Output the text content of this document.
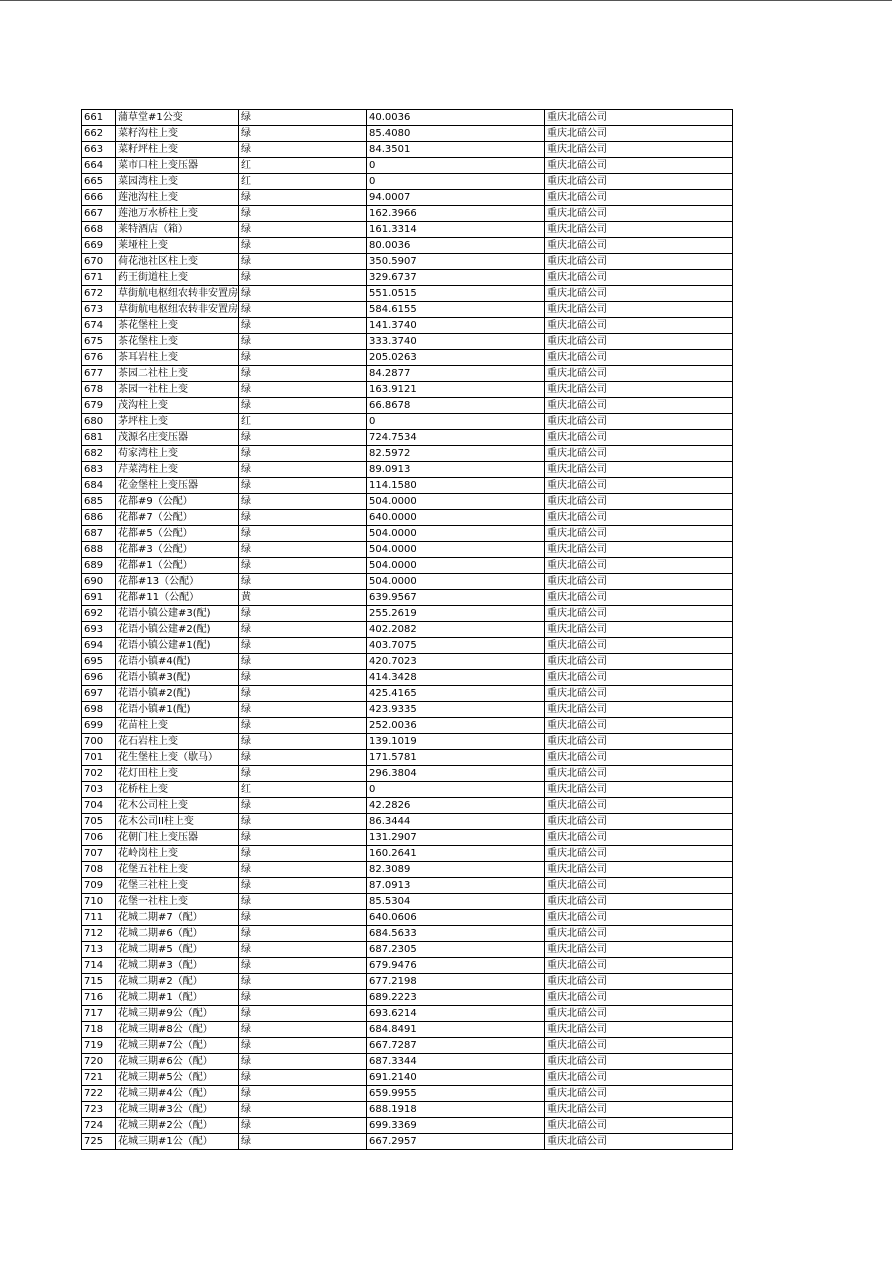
661	蒲草堂#1公变	绿	40.0036	重庆北碚公司
662	菜籽沟柱上变	绿	85.4080	重庆北碚公司
663	菜籽坪柱上变	绿	84.3501	重庆北碚公司
664	菜市口柱上变压器	红	0	重庆北碚公司
665	菜园湾柱上变	红	0	重庆北碚公司
666	莲池沟柱上变	绿	94.0007	重庆北碚公司
667	莲池万水桥柱上变	绿	162.3966	重庆北碚公司
668	莱特酒店（箱）	绿	161.3314	重庆北碚公司
669	莱垭柱上变	绿	80.0036	重庆北碚公司
670	荷花池社区柱上变	绿	350.5907	重庆北碚公司
671	药王街道柱上变	绿	329.6737	重庆北碚公司
672	草街航电枢纽农转非安置房	绿	551.0515	重庆北碚公司
673	草街航电枢纽农转非安置房	绿	584.6155	重庆北碚公司
674	茶花堡柱上变	绿	141.3740	重庆北碚公司
675	茶花堡柱上变	绿	333.3740	重庆北碚公司
676	茶耳岩柱上变	绿	205.0263	重庆北碚公司
677	茶园二社柱上变	绿	84.2877	重庆北碚公司
678	茶园一社柱上变	绿	163.9121	重庆北碚公司
679	茂沟柱上变	绿	66.8678	重庆北碚公司
680	茅坪柱上变	红	0	重庆北碚公司
681	茂源名庄变压器	绿	724.7534	重庆北碚公司
682	苟家湾柱上变	绿	82.5972	重庆北碚公司
683	芹菜湾柱上变	绿	89.0913	重庆北碚公司
684	花金堡柱上变压器	绿	114.1580	重庆北碚公司
685	花都#9（公配）	绿	504.0000	重庆北碚公司
686	花都#7（公配）	绿	640.0000	重庆北碚公司
687	花都#5（公配）	绿	504.0000	重庆北碚公司
688	花都#3（公配）	绿	504.0000	重庆北碚公司
689	花都#1（公配）	绿	504.0000	重庆北碚公司
690	花都#13（公配）	绿	504.0000	重庆北碚公司
691	花都#11（公配）	黄	639.9567	重庆北碚公司
692	花语小镇公建#3(配)	绿	255.2619	重庆北碚公司
693	花语小镇公建#2(配)	绿	402.2082	重庆北碚公司
694	花语小镇公建#1(配)	绿	403.7075	重庆北碚公司
695	花语小镇#4(配)	绿	420.7023	重庆北碚公司
696	花语小镇#3(配)	绿	414.3428	重庆北碚公司
697	花语小镇#2(配)	绿	425.4165	重庆北碚公司
698	花语小镇#1(配)	绿	423.9335	重庆北碚公司
699	花苗柱上变	绿	252.0036	重庆北碚公司
700	花石岩柱上变	绿	139.1019	重庆北碚公司
701	花生堡柱上变（歇马）	绿	171.5781	重庆北碚公司
702	花灯田柱上变	绿	296.3804	重庆北碚公司
703	花桥柱上变	红	0	重庆北碚公司
704	花木公司柱上变	绿	42.2826	重庆北碚公司
705	花木公司II柱上变	绿	86.3444	重庆北碚公司
706	花朝门柱上变压器	绿	131.2907	重庆北碚公司
707	花岭岗柱上变	绿	160.2641	重庆北碚公司
708	花堡五社柱上变	绿	82.3089	重庆北碚公司
709	花堡三社柱上变	绿	87.0913	重庆北碚公司
710	花堡一社柱上变	绿	85.5304	重庆北碚公司
711	花城二期#7（配）	绿	640.0606	重庆北碚公司
712	花城二期#6（配）	绿	684.5633	重庆北碚公司
713	花城二期#5（配）	绿	687.2305	重庆北碚公司
714	花城二期#3（配）	绿	679.9476	重庆北碚公司
715	花城二期#2（配）	绿	677.2198	重庆北碚公司
716	花城二期#1（配）	绿	689.2223	重庆北碚公司
717	花城三期#9公（配）	绿	693.6214	重庆北碚公司
718	花城三期#8公（配）	绿	684.8491	重庆北碚公司
719	花城三期#7公（配）	绿	667.7287	重庆北碚公司
720	花城三期#6公（配）	绿	687.3344	重庆北碚公司
721	花城三期#5公（配）	绿	691.2140	重庆北碚公司
722	花城三期#4公（配）	绿	659.9955	重庆北碚公司
723	花城三期#3公（配）	绿	688.1918	重庆北碚公司
724	花城三期#2公（配）	绿	699.3369	重庆北碚公司
725	花城三期#1公（配）	绿	667.2957	重庆北碚公司
